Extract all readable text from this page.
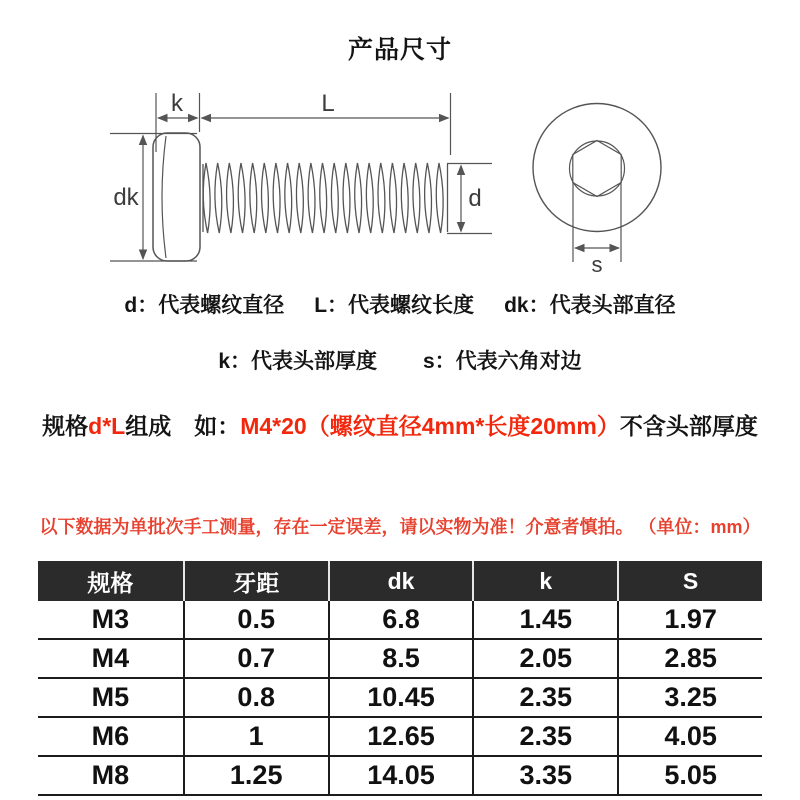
产品尺寸
k	L
dk	d
s
d：代表螺纹直径 L：代表螺纹长度 dk：代表头部直径
k：代表头部厚度 s：代表六角对边
规格d*L组成　如：M4*20（螺纹直径4mm*长度20mm）不含头部厚度
以下数据为单批次手工测量，存在一定误差，请以实物为准！介意者慎拍。 （单位：mm）
规格	牙距	dk	k	S
M3	0.5	6.8	1.45	1.97
M4	0.7	8.5	2.05	2.85
M5	0.8	10.45	2.35	3.25
M6	1	12.65	2.35	4.05
M8	1.25	14.05	3.35	5.05
